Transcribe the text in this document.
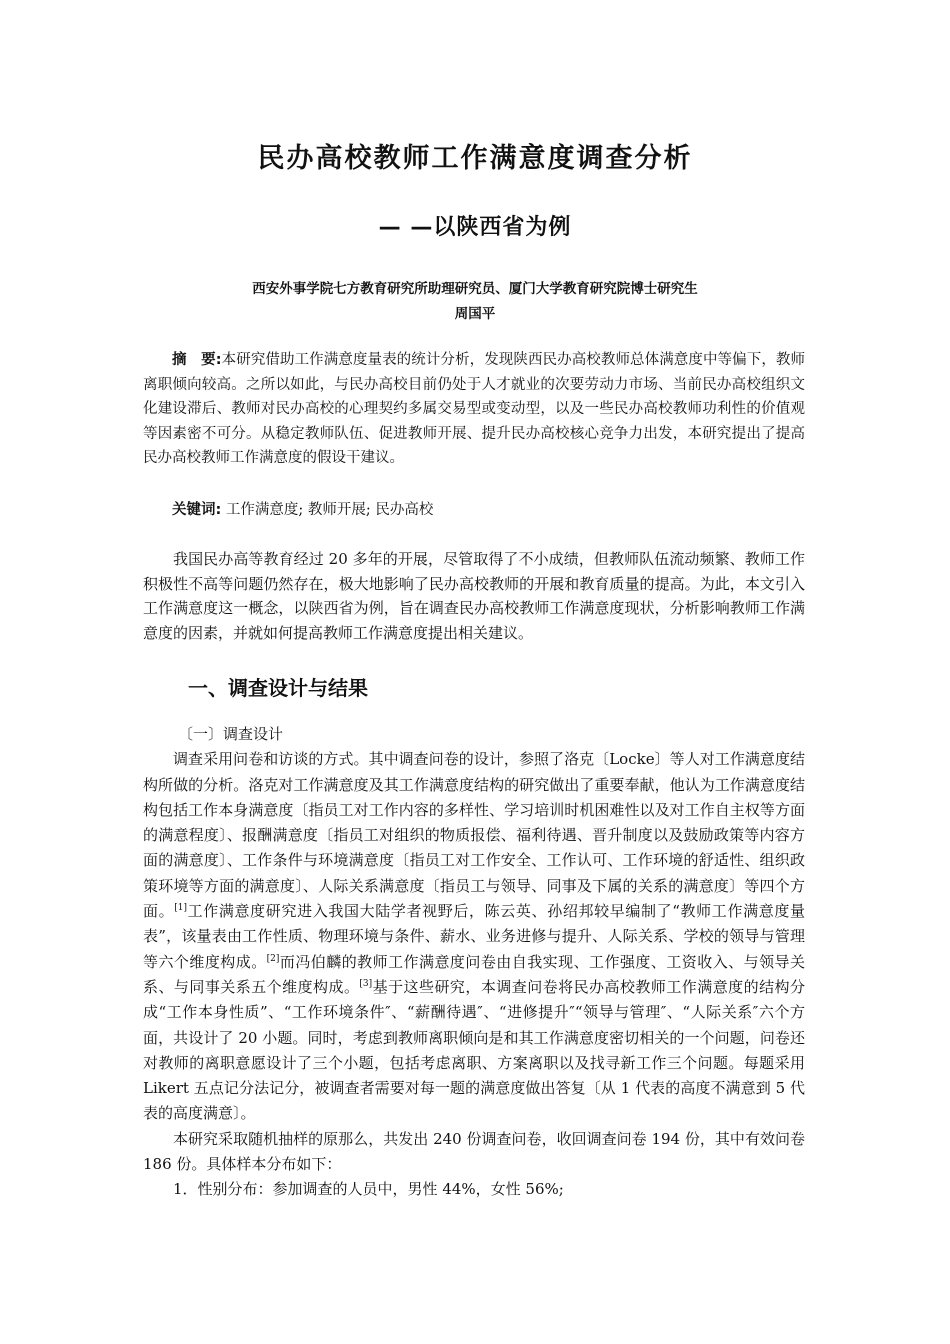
民办高校教师工作满意度调查分析
— —以陕西省为例
西安外事学院七方教育研究所助理研究员、厦门大学教育研究院博士研究生
周国平

摘　要:本研究借助工作满意度量表的统计分析，发现陕西民办高校教师总体满意度中等偏下，教师离职倾向较高。之所以如此，与民办高校目前仍处于人才就业的次要劳动力市场、当前民办高校组织文化建设滞后、教师对民办高校的心理契约多属交易型或变动型，以及一些民办高校教师功利性的价值观等因素密不可分。从稳定教师队伍、促进教师开展、提升民办高校核心竞争力出发，本研究提出了提高民办高校教师工作满意度的假设干建议。

关键词: 工作满意度; 教师开展; 民办高校

我国民办高等教育经过 20 多年的开展，尽管取得了不小成绩，但教师队伍流动频繁、教师工作积极性不高等问题仍然存在，极大地影响了民办高校教师的开展和教育质量的提高。为此，本文引入工作满意度这一概念，以陕西省为例，旨在调查民办高校教师工作满意度现状，分析影响教师工作满意度的因素，并就如何提高教师工作满意度提出相关建议。

一、调查设计与结果

〔一〕调查设计

调查采用问卷和访谈的方式。其中调查问卷的设计，参照了洛克〔Locke〕等人对工作满意度结构所做的分析。洛克对工作满意度及其工作满意度结构的研究做出了重要奉献，他认为工作满意度结构包括工作本身满意度〔指员工对工作内容的多样性、学习培训时机困难性以及对工作自主权等方面的满意程度〕、报酬满意度〔指员工对组织的物质报偿、福利待遇、晋升制度以及鼓励政策等内容方面的满意度〕、工作条件与环境满意度〔指员工对工作安全、工作认可、工作环境的舒适性、组织政策环境等方面的满意度〕、人际关系满意度〔指员工与领导、同事及下属的关系的满意度〕等四个方面。[1]工作满意度研究进入我国大陆学者视野后，陈云英、孙绍邦较早编制了“教师工作满意度量表”，该量表由工作性质、物理环境与条件、薪水、业务进修与提升、人际关系、学校的领导与管理等六个维度构成。[2]而冯伯麟的教师工作满意度问卷由自我实现、工作强度、工资收入、与领导关系、与同事关系五个维度构成。[3]基于这些研究，本调查问卷将民办高校教师工作满意度的结构分成“工作本身性质”、“工作环境条件″、“薪酬待遇″、“进修提升″“领导与管理″、“人际关系″六个方面，共设计了 20 小题。同时，考虑到教师离职倾向是和其工作满意度密切相关的一个问题，问卷还对教师的离职意愿设计了三个小题，包括考虑离职、方案离职以及找寻新工作三个问题。每题采用 Likert 五点记分法记分，被调查者需要对每一题的满意度做出答复〔从 1 代表的高度不满意到 5 代表的高度满意〕。

本研究采取随机抽样的原那么，共发出 240 份调查问卷，收回调查问卷 194 份，其中有效问卷 186 份。具体样本分布如下：

1．性别分布：参加调查的人员中，男性 44%，女性 56%;
